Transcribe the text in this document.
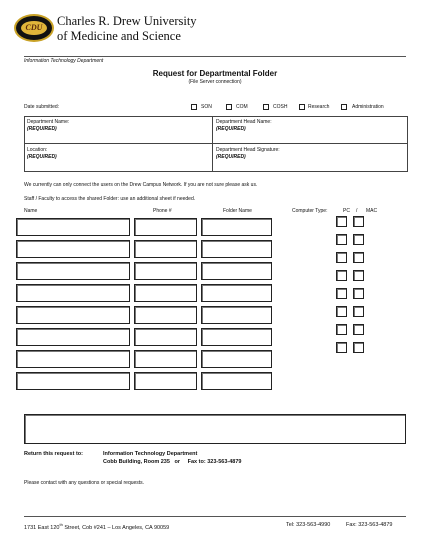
CDU	Charles R. Drew University
of Medicine and Science
Information Technology Department
Request for Departmental Folder
(File Server connection)
Date submitted:	SON	COM	COSH	Research	Administration
Department Name:
(REQUIRED)
Department Head Name:
(REQUIRED)
Location:
(REQUIRED)
Department Head Signature:
(REQUIRED)
We currently can only connect the users on the Drew Campus Network. If you are not sure please ask us.
Staff / Faculty to access the shared Folder: use an additional sheet if needed.
Name	Phone #	Folder Name	Computer Type:	PC / MAC
Return this request to:	Information Technology Department
Cobb Building, Room 235   or     Fax to: 323-563-4879
Please contact with any questions or special requests.
1731 East 120th Street, Cob #241 – Los Angeles, CA 90059	Tel: 323-563-4990	Fax: 323-563-4879
